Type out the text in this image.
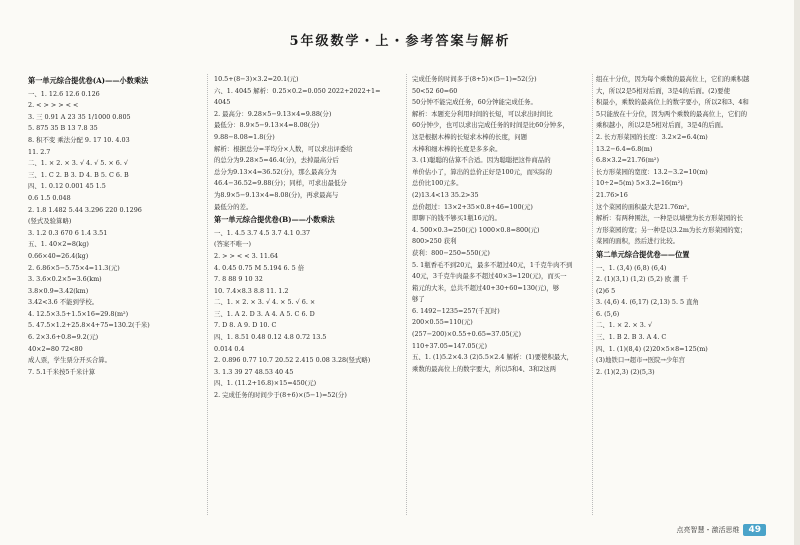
5年级数学・上・参考答案与解析
第一单元综合提优卷(A)——小数乘法
一、1. 12.6 12.6 0.126
2. < > > > < <
3. 三 0.91 A 23 35 1/1000 0.805
5. 875 35 B 13 7.8 35
8. 积不变 乘法分配 9. 17 10. 4.03
11. 2.7
二、1. × 2. × 3. √ 4. √ 5. × 6. √
三、1. C 2. B 3. D 4. B 5. C 6. B
四、1. 0.12 0.001 45 1.5
0.6 1.5 0.048
2. 1.8 1.482 5.44 3.296 220 0.1296
(竖式及验算略)
3. 1.2 0.3 670 6 1.4 3.51
五、1. 40×2=8(kg)
0.66×40=26.4(kg)
2. 6.86×5−5.75×4=11.3(元)
3. 3.6×0.2×5=3.6(km)
3.8×0.9=3.42(km)
3.42<3.6 不能到学校。
4. 12.5×3.5+1.5×16=29.8(m²)
5. 47.5×1.2+25.8×4+75=130.2(千米)
6. 2×3.6+0.8=9.2(元)
40×2=80 72<80
成人票，学生票分开买合算。
7. 5.1千米按5千米计算
10.5+(8−3)×3.2=20.1(元)
六、1. 4045 解析：0.25×0.2=0.050 2022+2022+1=
4045
2. 最高分：9.28×5−9.13×4=9.88(分)
最低分：8.9×5−9.13×4=8.08(分)
9.88−8.08=1.8(分)
解析：根据总分=平均分×人数，可以求出评委给
的总分为9.28×5=46.4(分)，去掉最高分后
总分为9.13×4=36.52(分)，那么最高分为
46.4−36.52=9.88(分)；同样，可求出最低分
为8.9×5−9.13×4=8.08(分)，再求最高与
最低分的差。
第一单元综合提优卷(B)——小数乘法
一、1. 4.5 3.7 4.5 3.7 4.1 0.37
(答案不唯一)
2. > > < < 3. 11.64
4. 0.45 0.75 M 5.194 6. 5 倍
7. 8 88 9 10 32
10. 7.4×8.3 8.8 11. 1.2
二、1. × 2. × 3. √ 4. × 5. √ 6. ×
三、1. A 2. D 3. A 4. A 5. C 6. D
7. D 8. A 9. D 10. C
四、1. 8.51 0.48 0.12 4.8 0.72 13.5
0.014 0.4
2. 0.896 0.77 10.7 20.52 2.415 0.08 3.28(竖式略)
3. 1.3 39 27 48.53 40 45
四、1. (11.2+16.8)×15=450(元)
2. 完成任务的时间少于(8+6)×(5−1)=52(分)
完成任务的时间多于(8+5)×(5−1)=52(分)
50<52 60=60
50分钟不能完成任务，60分钟能完成任务。
解析：本题充分利用时间的长短，可以求出时间比
60分钟少，也可以求出完成任务的时间是比60分钟多，
这是根据木棒的长短求木棒的长度，问题
木棒和细木棒的长度是多多余。
3. (1)聪聪的估算不合适。因为聪聪把这件商品的
单价估小了，算出的总价正好是100元，而实际的
总价比100元多。
(2)13.4<13 35.2>35
总价超过：13×2+35×0.8+46=100(元)
即聊下的钱不够买1瓶16元的。
4. 500×0.3=250(元) 1000×0.8=800(元)
800>250 获利
获利：800−250=550(元)
5. 1瓶香毛不到20元，最多不超过40元，1千克牛肉不到
40元，3千克牛肉最多不超过40×3=120(元)，而买一
箱元的大米，总共不超过40+30+60=130(元)，够
够了
6. 1492−1235=257(千瓦时)
200×0.55=110(元)
(257−200)×0.55+0.65=37.05(元)
110+37.05=147.05(元)
五、1. (1)5.2×4.3 (2)5.5×2.4 解析：(1)要使积最大，
乘数的最高位上的数字要大，所以5和4、3和2这两
组在十分位，因为每个乘数的最高位上，它们的乘积越
大，所以2是5相对后面，3是4的后面。(2)要使
积最小，乘数的最高位上的数字要小，所以2和3、4和
5只能放在十分位，因为两个乘数的最高位上，它们的
乘积越小，所以2是5相对后面，3是4的后面。
2. 长方形菜园的长度：3.2×2=6.4(m)
13.2−6.4=6.8(m)
6.8×3.2=21.76(m²)
长方形菜园的宽度：13.2−3.2=10(m)
10÷2=5(m) 5×3.2=16(m²)
21.76>16
这个菜园的面积最大是21.76m²。
解析：有两种围法，一种是以墙壁为长方形菜园的长
方形菜园的宽；另一种是以3.2m为长方形菜园的宽；
菜园的面积，然后进行比较。
第二单元综合提优卷——位置
一、1. (3,4) (6,8) (6,4)
2. (1)(3,1) (1,2) (5,2) 欧 潮 千
(2)6 5
3. (4,6) 4. (6,17) (2,13) 5. 5 直角
6. (5,6)
二、1. × 2. × 3. √
三、1. B 2. B 3. A 4. C
四、1. (1)(8,4) (2)20×5×8=125(m)
(3)地铁口→超市→医院→少年宫
2. (1)(2,3) (2)(5,3)
点亮智慧・激活思维	49
